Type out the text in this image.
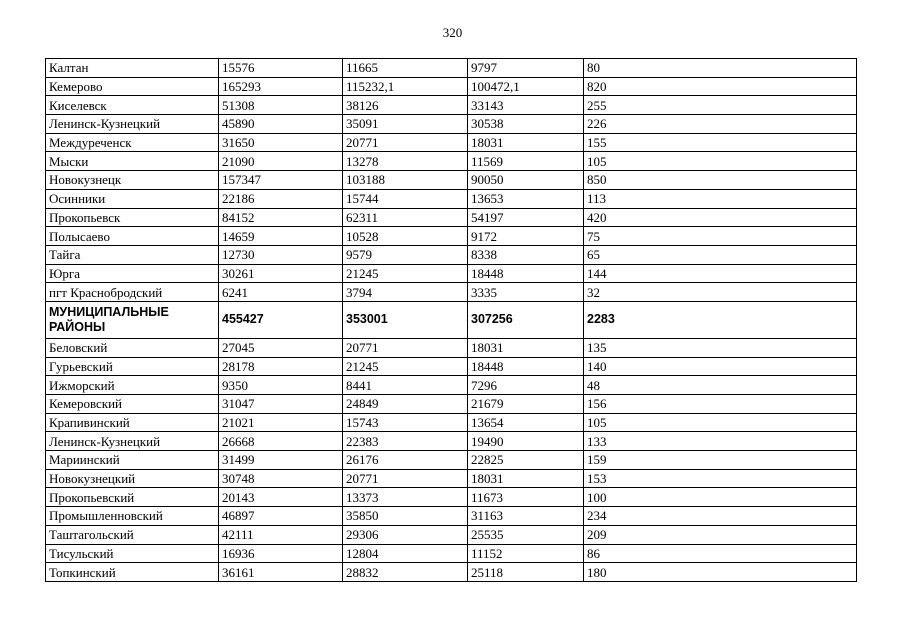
320
Калтан	15576	11665	9797	80
Кемерово	165293	115232,1	100472,1	820
Киселевск	51308	38126	33143	255
Ленинск-Кузнецкий	45890	35091	30538	226
Междуреченск	31650	20771	18031	155
Мыски	21090	13278	11569	105
Новокузнецк	157347	103188	90050	850
Осинники	22186	15744	13653	113
Прокопьевск	84152	62311	54197	420
Полысаево	14659	10528	9172	75
Тайга	12730	9579	8338	65
Юрга	30261	21245	18448	144
пгт Краснобродский	6241	3794	3335	32
МУНИЦИПАЛЬНЫЕ РАЙОНЫ	455427	353001	307256	2283
Беловский	27045	20771	18031	135
Гурьевский	28178	21245	18448	140
Ижморский	9350	8441	7296	48
Кемеровский	31047	24849	21679	156
Крапивинский	21021	15743	13654	105
Ленинск-Кузнецкий	26668	22383	19490	133
Мариинский	31499	26176	22825	159
Новокузнецкий	30748	20771	18031	153
Прокопьевский	20143	13373	11673	100
Промышленновский	46897	35850	31163	234
Таштагольский	42111	29306	25535	209
Тисульский	16936	12804	11152	86
Топкинский	36161	28832	25118	180
